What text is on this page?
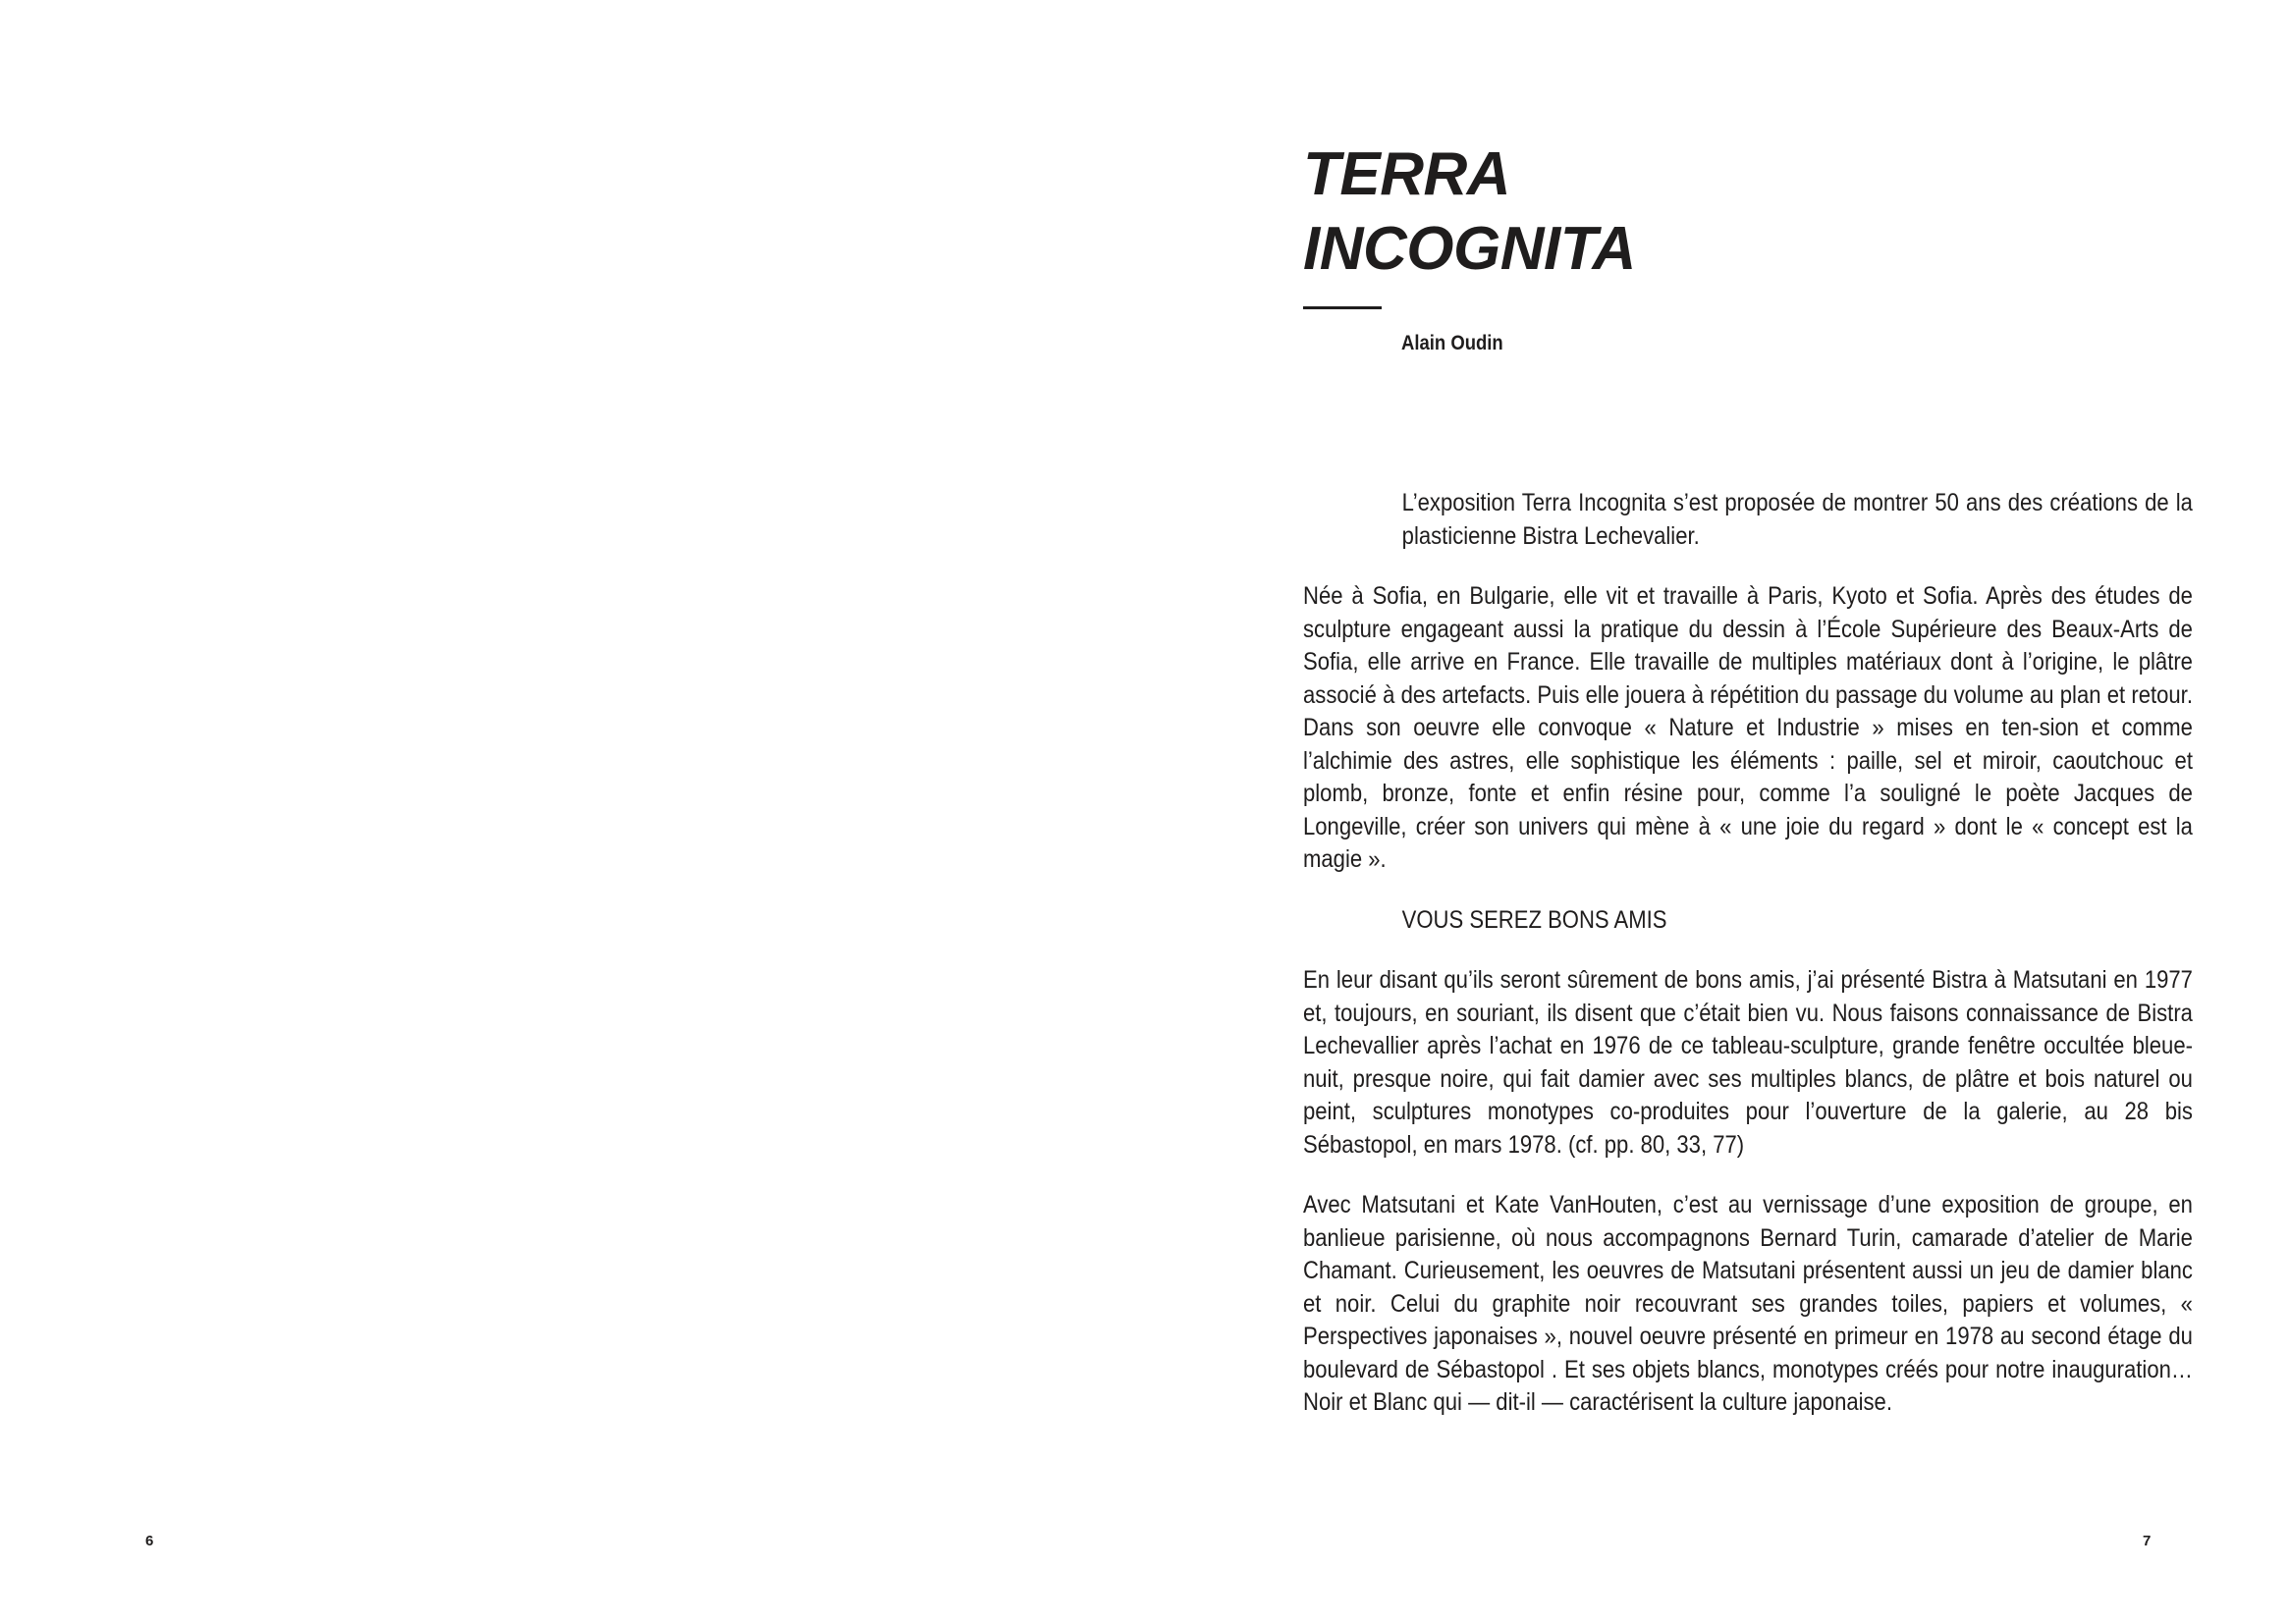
6
TERRA
INCOGNITA
Alain Oudin

L’exposition Terra Incognita s’est proposée de montrer 50 ans des créations de la plasticienne Bistra Lechevalier.

Née à Sofia, en Bulgarie, elle vit et travaille à Paris, Kyoto et Sofia. Après des études de sculpture engageant aussi la pratique du dessin à l’École Supérieure des Beaux-Arts de Sofia, elle arrive en France. Elle travaille de multiples matériaux dont à l’origine, le plâtre associé à des artefacts. Puis elle jouera à répétition du passage du volume au plan et retour. Dans son oeuvre elle convoque « Nature et Industrie » mises en ten-sion et comme l’alchimie des astres, elle sophistique les éléments : paille, sel et miroir, caoutchouc et plomb, bronze, fonte et enfin résine pour, comme l’a souligné le poète Jacques de Longeville, créer son univers qui mène à « une joie du regard » dont le « concept est la magie ».

VOUS SEREZ BONS AMIS

En leur disant qu’ils seront sûrement de bons amis, j’ai présenté Bistra à Matsutani en 1977 et, toujours, en souriant, ils disent que c’était bien vu. Nous faisons connaissance de Bistra Lechevallier après l’achat en 1976 de ce tableau-sculpture, grande fenêtre occultée bleue-nuit, presque noire, qui fait damier avec ses multiples blancs, de plâtre et bois naturel ou peint, sculptures monotypes co-produites pour l’ouverture de la galerie, au 28 bis Sébastopol, en mars 1978. (cf. pp. 80, 33, 77)

Avec Matsutani et Kate VanHouten, c’est au vernissage d’une exposition de groupe, en banlieue parisienne, où nous accompagnons Bernard Turin, camarade d’atelier de Marie Chamant. Curieusement, les oeuvres de Matsutani présentent aussi un jeu de damier blanc et noir. Celui du graphite noir recouvrant ses grandes toiles, papiers et volumes, « Perspectives japonaises », nouvel oeuvre présenté en primeur en 1978 au second étage du boulevard de Sébastopol . Et ses objets blancs, monotypes créés pour notre inauguration… Noir et Blanc qui — dit-il — caractérisent la culture japonaise.

7
